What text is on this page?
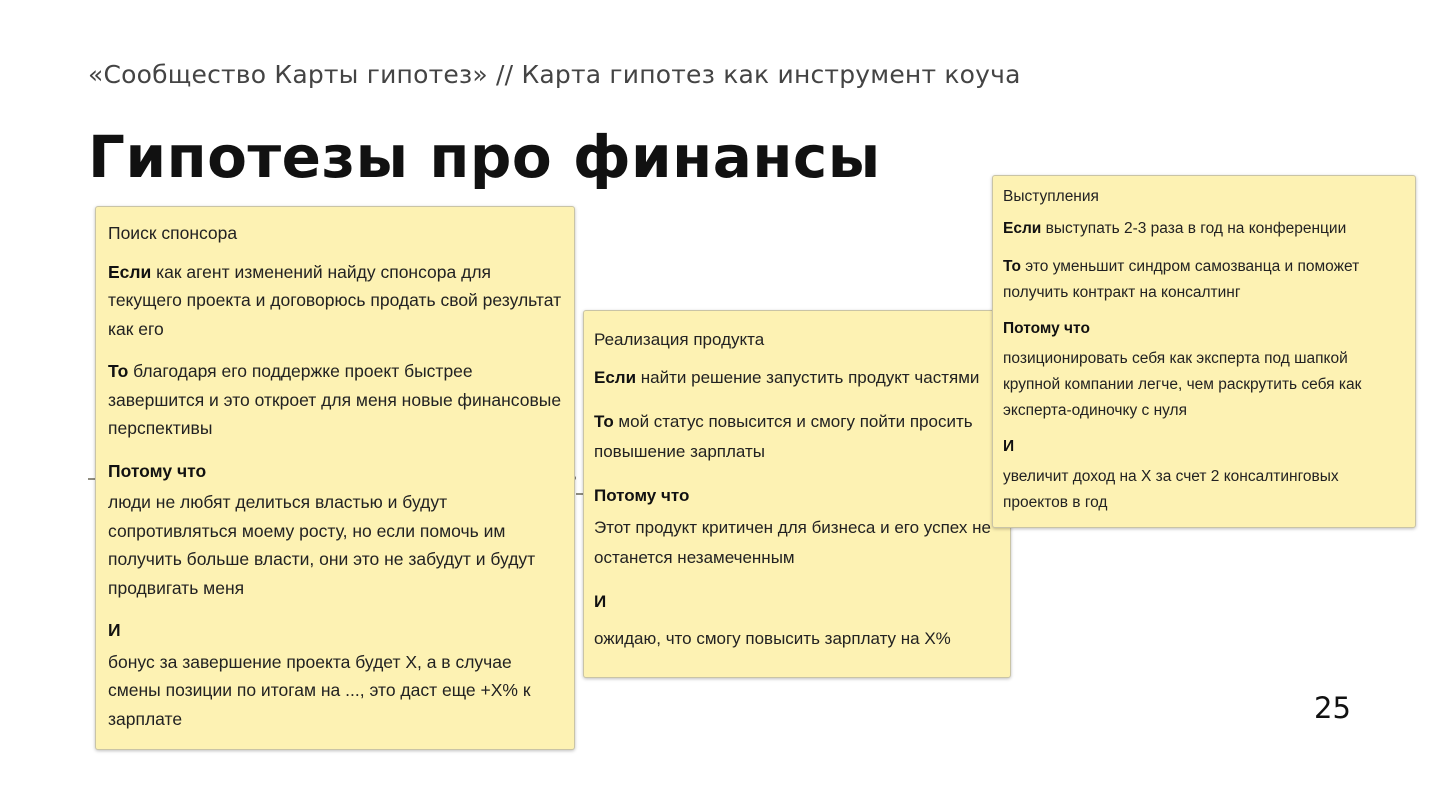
«Сообщество Карты гипотез» // Карта гипотез как инструмент коуча
Гипотезы про финансы

Поиск спонсора

Если как агент изменений найду спонсора для текущего проекта и договорюсь продать свой результат как его

То благодаря его поддержке проект быстрее завершится и это откроет для меня новые финансовые перспективы

Потому что

люди не любят делиться властью и будут сопротивляться моему росту, но если помочь им получить больше власти, они это не забудут и будут продвигать меня

И

бонус за завершение проекта будет X, а в случае смены позиции по итогам на ..., это даст еще +X% к зарплате

Реализация продукта

Если найти решение запустить продукт частями

То мой статус повысится и смогу пойти просить повышение зарплаты

Потому что

Этот продукт критичен для бизнеса и его успех не останется незамеченным

И

ожидаю, что смогу повысить зарплату на X%

Выступления

Если выступать 2-3 раза в год на конференции

То это уменьшит синдром самозванца и поможет получить контракт на консалтинг

Потому что

позиционировать себя как эксперта под шапкой крупной компании легче, чем раскрутить себя как эксперта-одиночку с нуля

И

увеличит доход на X за счет 2 консалтинговых проектов в год

25
